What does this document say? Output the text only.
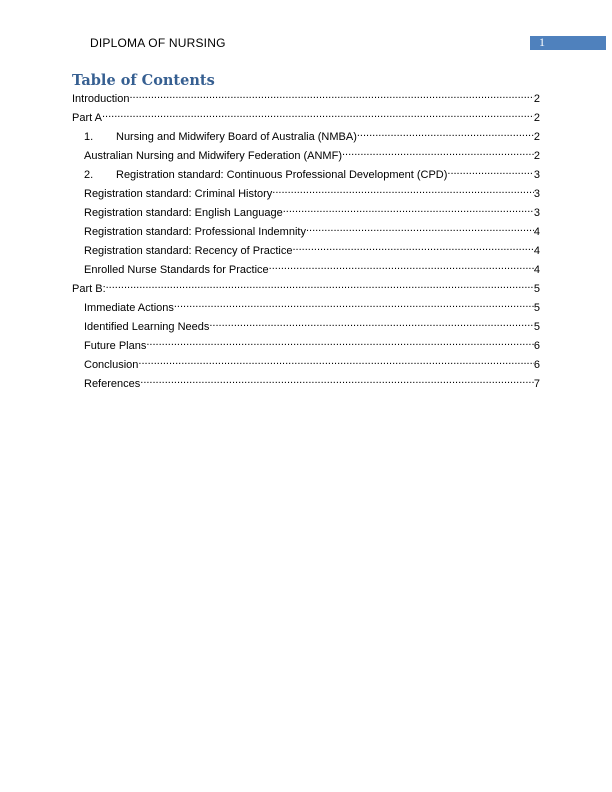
DIPLOMA OF NURSING	1
Table of Contents
Introduction .....	2
Part A .....	2
1.	Nursing and Midwifery Board of Australia (NMBA) .....	2
Australian Nursing and Midwifery Federation (ANMF) .....	2
2.	Registration standard: Continuous Professional Development (CPD) .....	3
Registration standard: Criminal History .....	3
Registration standard: English Language .....	3
Registration standard: Professional Indemnity .....	4
Registration standard: Recency of Practice .....	4
Enrolled Nurse Standards for Practice .....	4
Part B: .....	5
Immediate Actions .....	5
Identified Learning Needs .....	5
Future Plans .....	6
Conclusion .....	6
References .....	7
